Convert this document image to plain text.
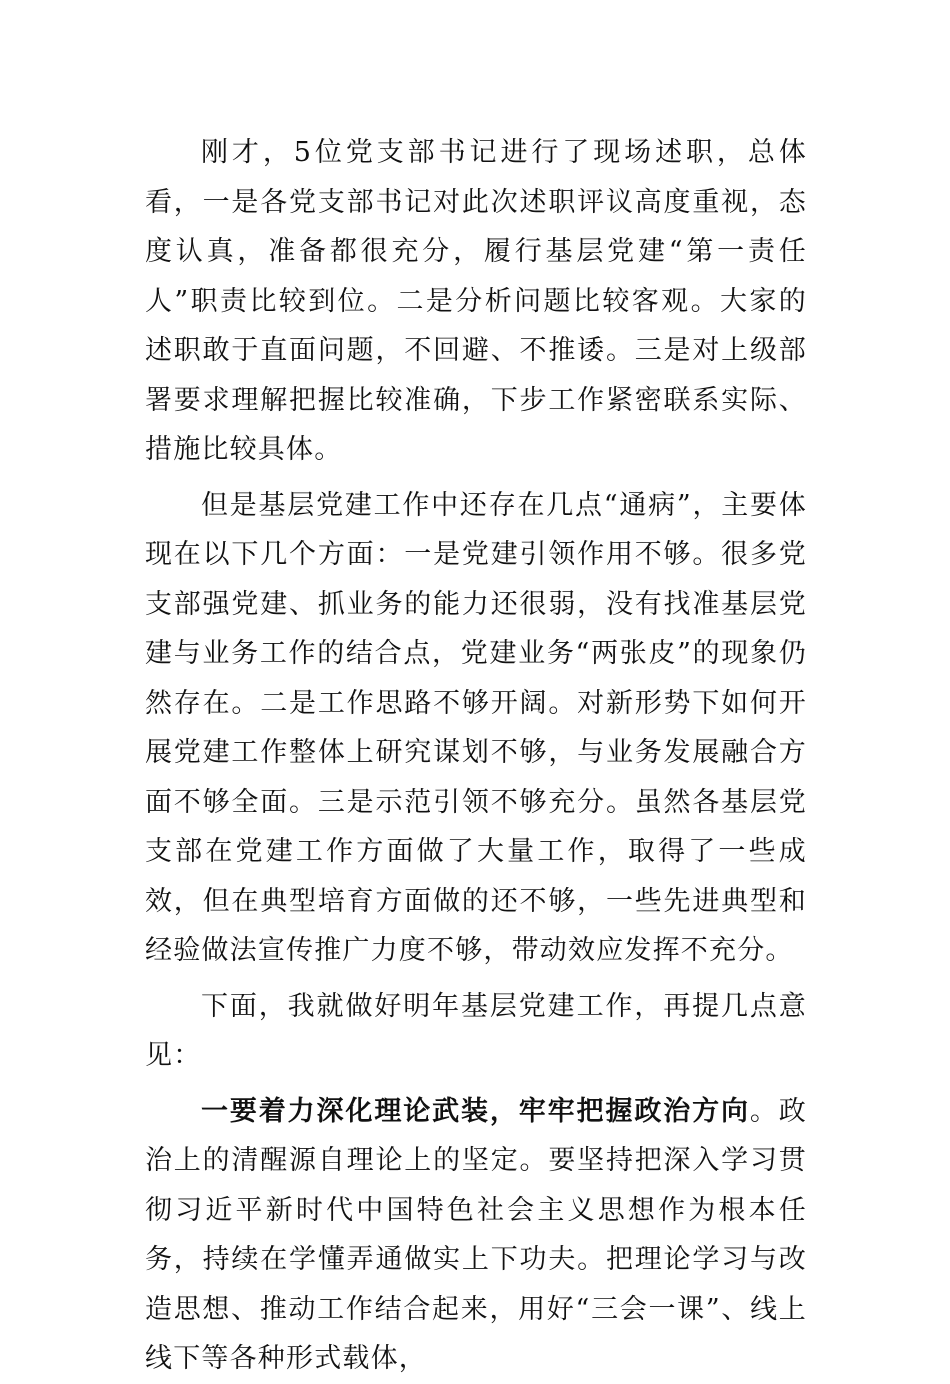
刚才，5位党支部书记进行了现场述职，总体看，一是各党支部书记对此次述职评议高度重视，态度认真，准备都很充分，履行基层党建“第一责任人”职责比较到位。二是分析问题比较客观。大家的述职敢于直面问题，不回避、不推诿。三是对上级部署要求理解把握比较准确，下步工作紧密联系实际、措施比较具体。

但是基层党建工作中还存在几点“通病”，主要体现在以下几个方面：一是党建引领作用不够。很多党支部强党建、抓业务的能力还很弱，没有找准基层党建与业务工作的结合点，党建业务“两张皮”的现象仍然存在。二是工作思路不够开阔。对新形势下如何开展党建工作整体上研究谋划不够，与业务发展融合方面不够全面。三是示范引领不够充分。虽然各基层党支部在党建工作方面做了大量工作，取得了一些成效，但在典型培育方面做的还不够，一些先进典型和经验做法宣传推广力度不够，带动效应发挥不充分。

下面，我就做好明年基层党建工作，再提几点意见：

一要着力深化理论武装，牢牢把握政治方向。政治上的清醒源自理论上的坚定。要坚持把深入学习贯彻习近平新时代中国特色社会主义思想作为根本任务，持续在学懂弄通做实上下功夫。把理论学习与改造思想、推动工作结合起来，用好“三会一课”、线上线下等各种形式载体，
